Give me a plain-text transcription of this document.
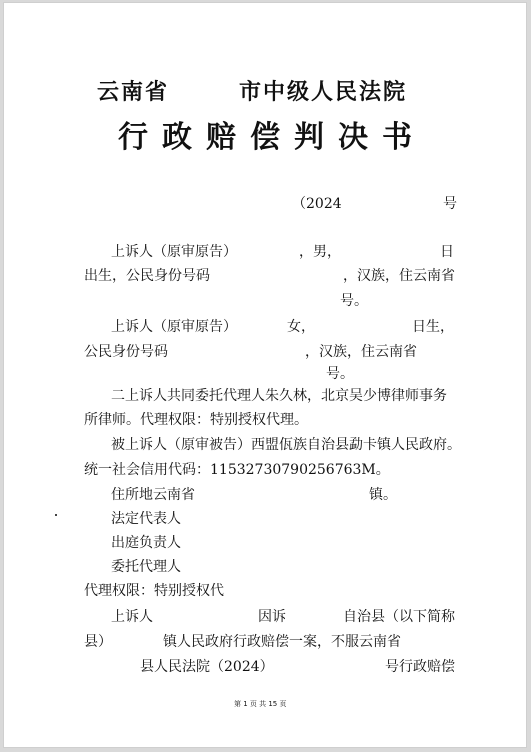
云南省	市中级人民法院
行政赔偿判决书
（2024	号
上诉人（原审原告）	，男，	日
出生，公民身份号码	，汉族，住云南省
号。
上诉人（原审原告）	女，	日生，
公民身份号码	，汉族，住云南省
号。
二上诉人共同委托代理人朱久林，北京吴少博律师事务
所律师。代理权限：特别授权代理。
被上诉人（原审被告）西盟佤族自治县勐卡镇人民政府。
统一社会信用代码：11532730790256763M。
住所地云南省	镇。
法定代表人
出庭负责人
委托代理人
代理权限：特别授权代
上诉人	因诉	自治县（以下简称
县）	镇人民政府行政赔偿一案，不服云南省
县人民法院（2024）	号行政赔偿
第 1 页 共 15 页
